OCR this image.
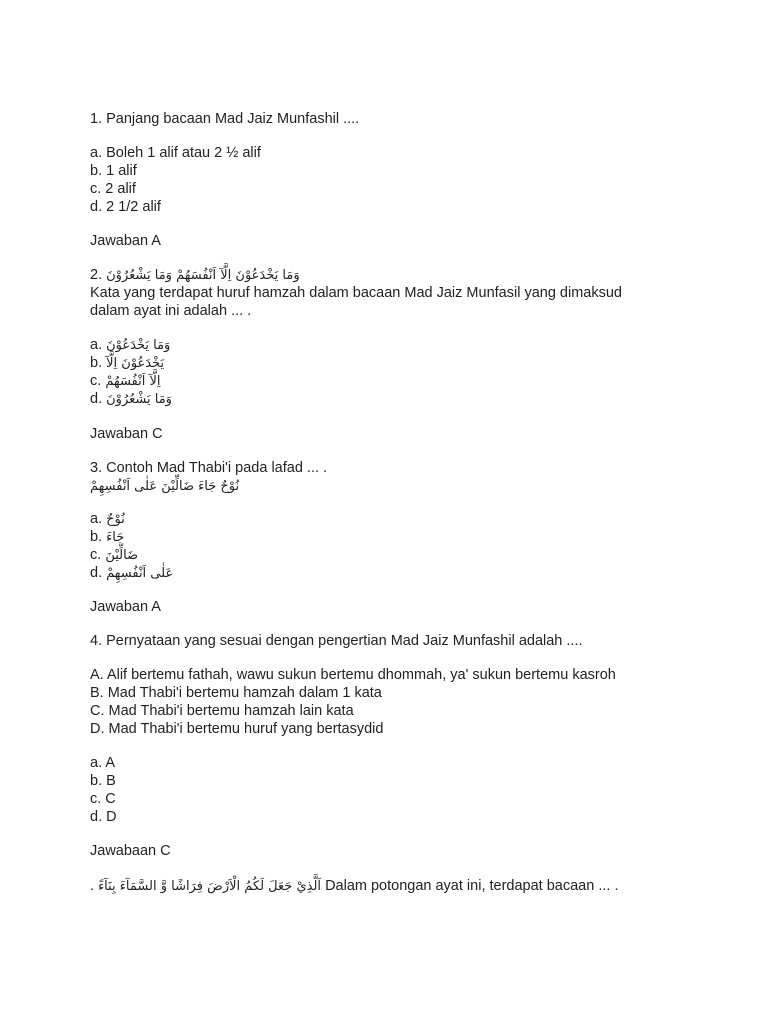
1. Panjang bacaan Mad Jaiz Munfashil ....
a. Boleh 1 alif atau 2 ½ alif
b. 1 alif
c. 2 alif
d. 2 1/2 alif
Jawaban A
2. وَمَا يَخْدَعُوْنَ اِلَّآ اَنْفُسَهُمْ وَمَا يَشْعُرُوْنَ
Kata yang terdapat huruf hamzah dalam bacaan Mad Jaiz Munfasil yang dimaksud
dalam ayat ini adalah ... .
a. وَمَا يَخْدَعُوْنَ
b. يَخْدَعُوْنَ اِلَّآ
c. اِلَّآ اَنْفُسَهُمْ
d. وَمَا يَشْعُرُوْنَ
Jawaban C
3. Contoh Mad Thabi'i pada lafad ... .
نُوْحٌ جَاءَ ضَالِّيْنَ عَلٰى اَنْفُسِهِمْ
a. نُوْحٌ
b. جَاءَ
c. ضَالِّيْنَ
d. عَلٰى اَنْفُسِهِمْ
Jawaban A
4. Pernyataan yang sesuai dengan pengertian Mad Jaiz Munfashil adalah ....
A. Alif bertemu fathah, wawu sukun bertemu dhommah, ya' sukun bertemu kasroh
B. Mad Thabi'i bertemu hamzah dalam 1 kata
C. Mad Thabi'i bertemu hamzah lain kata
D. Mad Thabi'i bertemu huruf yang bertasydid
a. A
b. B
c. C
d. D
Jawabaan C
. اَلَّذِيْ جَعَلَ لَكُمُ الْاَرْضَ فِرَاشًا وَّ السَّمَآءَ بِنَآءً Dalam potongan ayat ini, terdapat bacaan ... .
